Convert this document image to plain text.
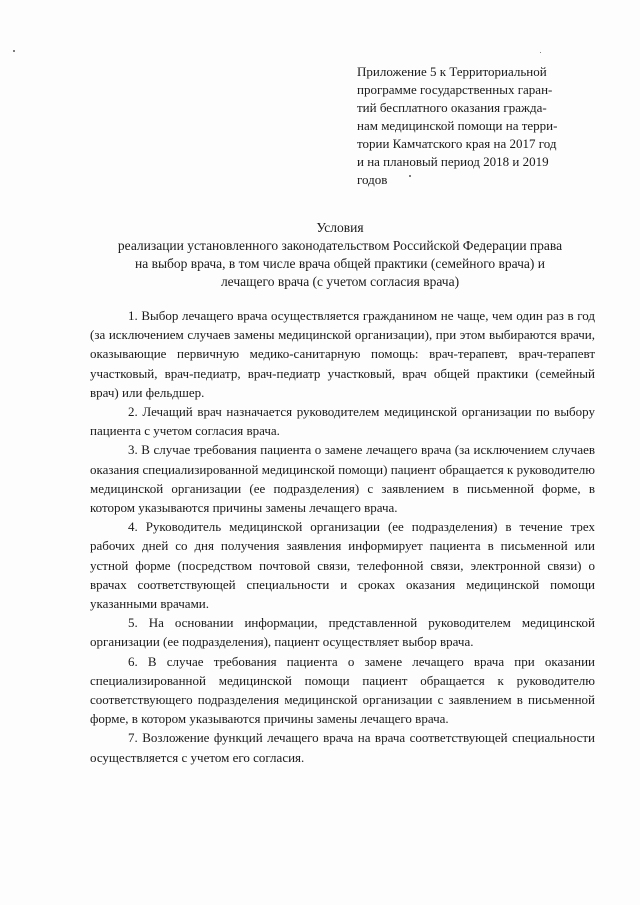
Приложение 5 к Территориальной
программе государственных гаран-
тий бесплатного оказания гражда-
нам медицинской помощи на терри-
тории Камчатского края на 2017 год
и на плановый период 2018 и 2019
годов
Условия
реализации установленного законодательством Российской Федерации права
на выбор врача, в том числе врача общей практики (семейного врача) и
лечащего врача (с учетом согласия врача)

1. Выбор лечащего врача осуществляется гражданином не чаще, чем один раз в год (за исключением случаев замены медицинской организации), при этом выбираются врачи, оказывающие первичную медико-санитарную помощь: врач-терапевт, врач-терапевт участковый, врач-педиатр, врач-педиатр участковый, врач общей практики (семейный врач) или фельдшер.

2. Лечащий врач назначается руководителем медицинской организации по выбору пациента с учетом согласия врача.

3. В случае требования пациента о замене лечащего врача (за исключением случаев оказания специализированной медицинской помощи) пациент обращается к руководителю медицинской организации (ее подразделения) с заявлением в письменной форме, в котором указываются причины замены лечащего врача.

4. Руководитель медицинской организации (ее подразделения) в течение трех рабочих дней со дня получения заявления информирует пациента в письменной или устной форме (посредством почтовой связи, телефонной связи, электронной связи) о врачах соответствующей специальности и сроках оказания медицинской помощи указанными врачами.

5. На основании информации, представленной руководителем медицинской организации (ее подразделения), пациент осуществляет выбор врача.

6. В случае требования пациента о замене лечащего врача при оказании специализированной медицинской помощи пациент обращается к руководителю соответствующего подразделения медицинской организации с заявлением в письменной форме, в котором указываются причины замены лечащего врача.

7. Возложение функций лечащего врача на врача соответствующей специальности осуществляется с учетом его согласия.
